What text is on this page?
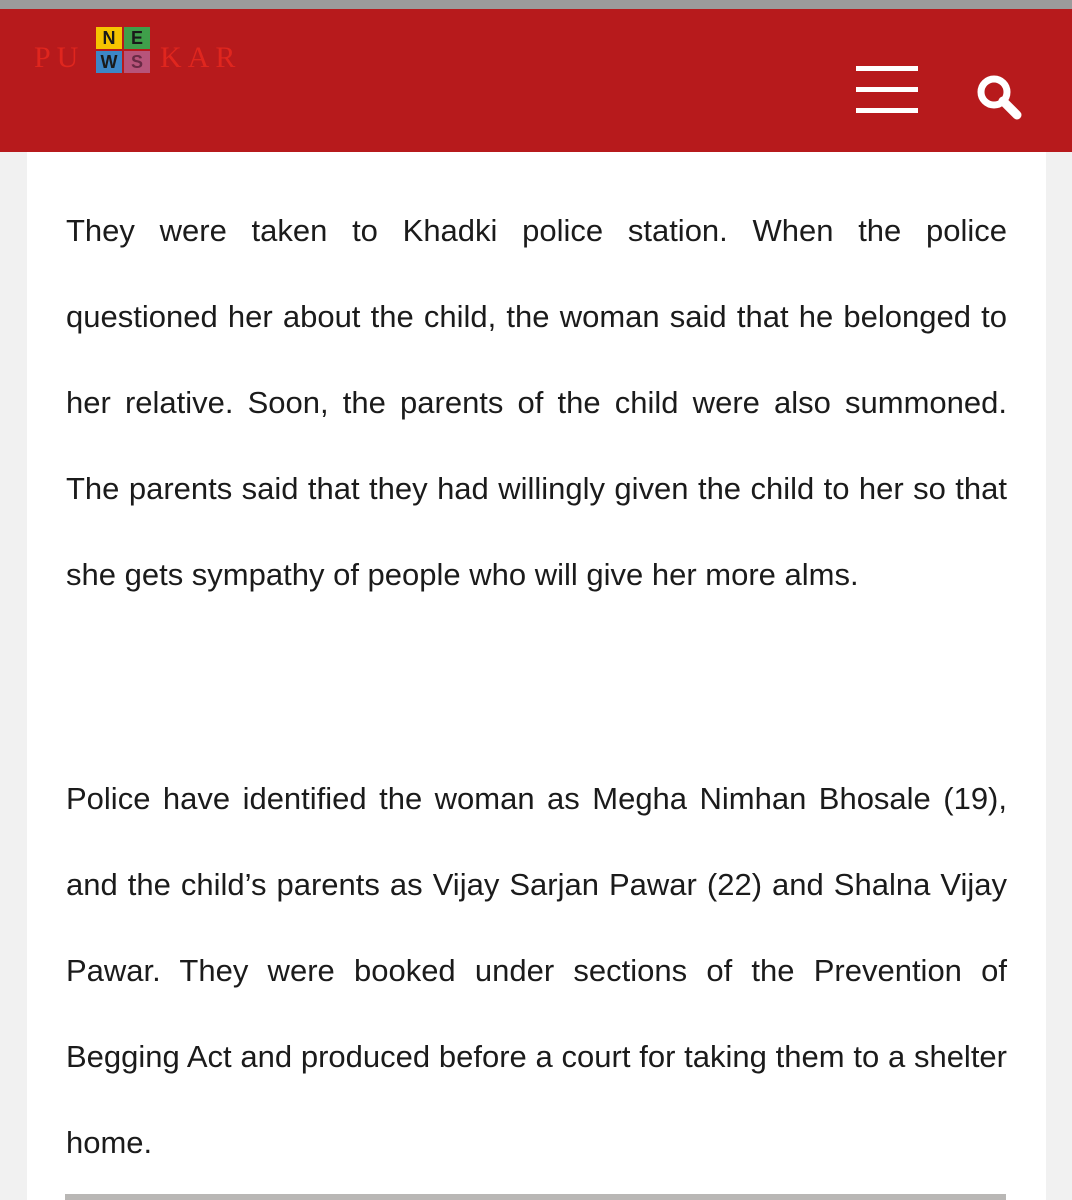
PU
N E
W S KAR

They were taken to Khadki police station. When the police questioned her about the child, the woman said that he belonged to her relative. Soon, the parents of the child were also summoned. The parents said that they had willingly given the child to her so that she gets sympathy of people who will give her more alms.

Police have identified the woman as Megha Nimhan Bhosale (19), and the child’s parents as Vijay Sarjan Pawar (22) and Shalna Vijay Pawar. They were booked under sections of the Prevention of Begging Act and produced before a court for taking them to a shelter home.
